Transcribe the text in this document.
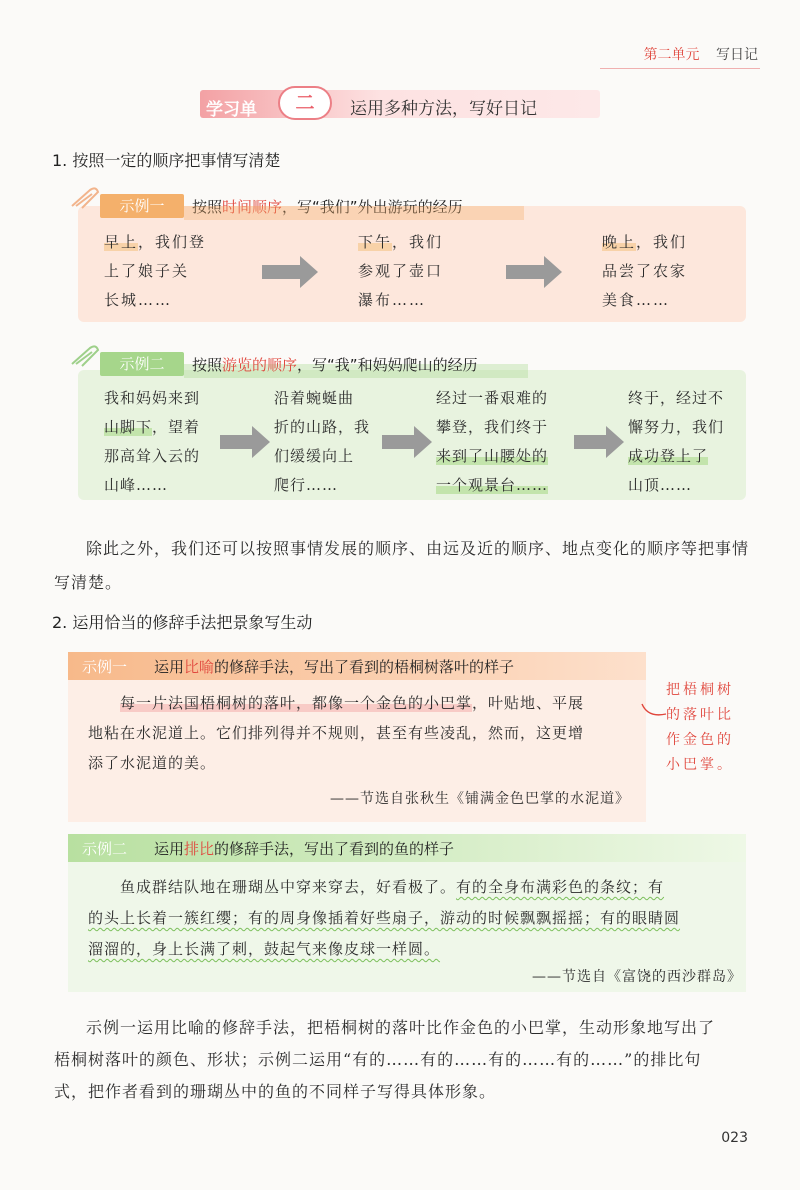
第二单元 写日记
学习单	二	运用多种方法，写好日记
1. 按照一定的顺序把事情写清楚
示例一	按照时间顺序，写“我们”外出游玩的经历
早上，我们登
上了娘子关
长城……
下午，我们
参观了壶口
瀑布……
晚上，我们
品尝了农家
美食……
示例二	按照游览的顺序，写“我”和妈妈爬山的经历
我和妈妈来到
山脚下，望着
那高耸入云的
山峰……
沿着蜿蜒曲
折的山路，我
们缓缓向上
爬行……
经过一番艰难的
攀登，我们终于
来到了山腰处的
一个观景台……
终于，经过不
懈努力，我们
成功登上了
山顶……
除此之外，我们还可以按照事情发展的顺序、由远及近的顺序、地点变化的顺序等把事情写清楚。
2. 运用恰当的修辞手法把景象写生动
示例一 运用比喻的修辞手法，写出了看到的梧桐树落叶的样子
每一片法国梧桐树的落叶，都像一个金色的小巴掌，叶贴地、平展
地粘在水泥道上。它们排列得并不规则，甚至有些凌乱，然而，这更增
添了水泥道的美。
——节选自张秋生《铺满金色巴掌的水泥道》
把梧桐树
的落叶比
作金色的
小巴掌。
示例二 运用排比的修辞手法，写出了看到的鱼的样子
鱼成群结队地在珊瑚丛中穿来穿去，好看极了。有的全身布满彩色的条纹；有
的头上长着一簇红缨；有的周身像插着好些扇子，游动的时候飘飘摇摇；有的眼睛圆
溜溜的，身上长满了刺，鼓起气来像皮球一样圆。
——节选自《富饶的西沙群岛》
示例一运用比喻的修辞手法，把梧桐树的落叶比作金色的小巴掌，生动形象地写出了
梧桐树落叶的颜色、形状；示例二运用“有的……有的……有的……有的……”的排比句
式，把作者看到的珊瑚丛中的鱼的不同样子写得具体形象。
023
